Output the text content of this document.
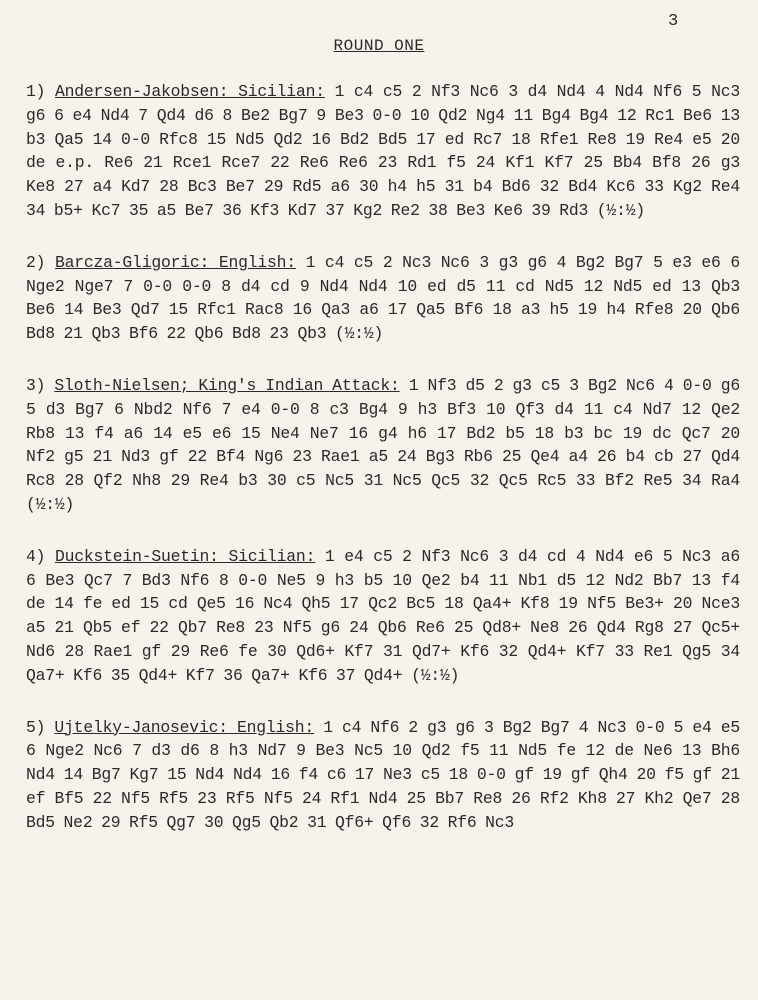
3
ROUND ONE

1) Andersen-Jakobsen: Sicilian: 1 c4 c5 2 Nf3 Nc6 3 d4 Nd4 4 Nd4 Nf6 5 Nc3 g6 6 e4 Nd4 7 Qd4 d6 8 Be2 Bg7 9 Be3 0-0 10 Qd2 Ng4 11 Bg4 Bg4 12 Rc1 Be6 13 b3 Qa5 14 0-0 Rfc8 15 Nd5 Qd2 16 Bd2 Bd5 17 ed Rc7 18 Rfe1 Re8 19 Re4 e5 20 de e.p. Re6 21 Rce1 Rce7 22 Re6 Re6 23 Rd1 f5 24 Kf1 Kf7 25 Bb4 Bf8 26 g3 Ke8 27 a4 Kd7 28 Bc3 Be7 29 Rd5 a6 30 h4 h5 31 b4 Bd6 32 Bd4 Kc6 33 Kg2 Re4 34 b5+ Kc7 35 a5 Be7 36 Kf3 Kd7 37 Kg2 Re2 38 Be3 Ke6 39 Rd3 (½:½)

2) Barcza-Gligoric: English: 1 c4 c5 2 Nc3 Nc6 3 g3 g6 4 Bg2 Bg7 5 e3 e6 6 Nge2 Nge7 7 0-0 0-0 8 d4 cd 9 Nd4 Nd4 10 ed d5 11 cd Nd5 12 Nd5 ed 13 Qb3 Be6 14 Be3 Qd7 15 Rfc1 Rac8 16 Qa3 a6 17 Qa5 Bf6 18 a3 h5 19 h4 Rfe8 20 Qb6 Bd8 21 Qb3 Bf6 22 Qb6 Bd8 23 Qb3 (½:½)

3) Sloth-Nielsen; King's Indian Attack: 1 Nf3 d5 2 g3 c5 3 Bg2 Nc6 4 0-0 g6 5 d3 Bg7 6 Nbd2 Nf6 7 e4 0-0 8 c3 Bg4 9 h3 Bf3 10 Qf3 d4 11 c4 Nd7 12 Qe2 Rb8 13 f4 a6 14 e5 e6 15 Ne4 Ne7 16 g4 h6 17 Bd2 b5 18 b3 bc 19 dc Qc7 20 Nf2 g5 21 Nd3 gf 22 Bf4 Ng6 23 Rae1 a5 24 Bg3 Rb6 25 Qe4 a4 26 b4 cb 27 Qd4 Rc8 28 Qf2 Nh8 29 Re4 b3 30 c5 Nc5 31 Nc5 Qc5 32 Qc5 Rc5 33 Bf2 Re5 34 Ra4 (½:½)

4) Duckstein-Suetin: Sicilian: 1 e4 c5 2 Nf3 Nc6 3 d4 cd 4 Nd4 e6 5 Nc3 a6 6 Be3 Qc7 7 Bd3 Nf6 8 0-0 Ne5 9 h3 b5 10 Qe2 b4 11 Nb1 d5 12 Nd2 Bb7 13 f4 de 14 fe ed 15 cd Qe5 16 Nc4 Qh5 17 Qc2 Bc5 18 Qa4+ Kf8 19 Nf5 Be3+ 20 Nce3 a5 21 Qb5 ef 22 Qb7 Re8 23 Nf5 g6 24 Qb6 Re6 25 Qd8+ Ne8 26 Qd4 Rg8 27 Qc5+ Nd6 28 Rae1 gf 29 Re6 fe 30 Qd6+ Kf7 31 Qd7+ Kf6 32 Qd4+ Kf7 33 Re1 Qg5 34 Qa7+ Kf6 35 Qd4+ Kf7 36 Qa7+ Kf6 37 Qd4+ (½:½)

5) Ujtelky-Janosevic: English: 1 c4 Nf6 2 g3 g6 3 Bg2 Bg7 4 Nc3 0-0 5 e4 e5 6 Nge2 Nc6 7 d3 d6 8 h3 Nd7 9 Be3 Nc5 10 Qd2 f5 11 Nd5 fe 12 de Ne6 13 Bh6 Nd4 14 Bg7 Kg7 15 Nd4 Nd4 16 f4 c6 17 Ne3 c5 18 0-0 gf 19 gf Qh4 20 f5 gf 21 ef Bf5 22 Nf5 Rf5 23 Rf5 Nf5 24 Rf1 Nd4 25 Bb7 Re8 26 Rf2 Kh8 27 Kh2 Qe7 28 Bd5 Ne2 29 Rf5 Qg7 30 Qg5 Qb2 31 Qf6+ Qf6 32 Rf6 Nc3
